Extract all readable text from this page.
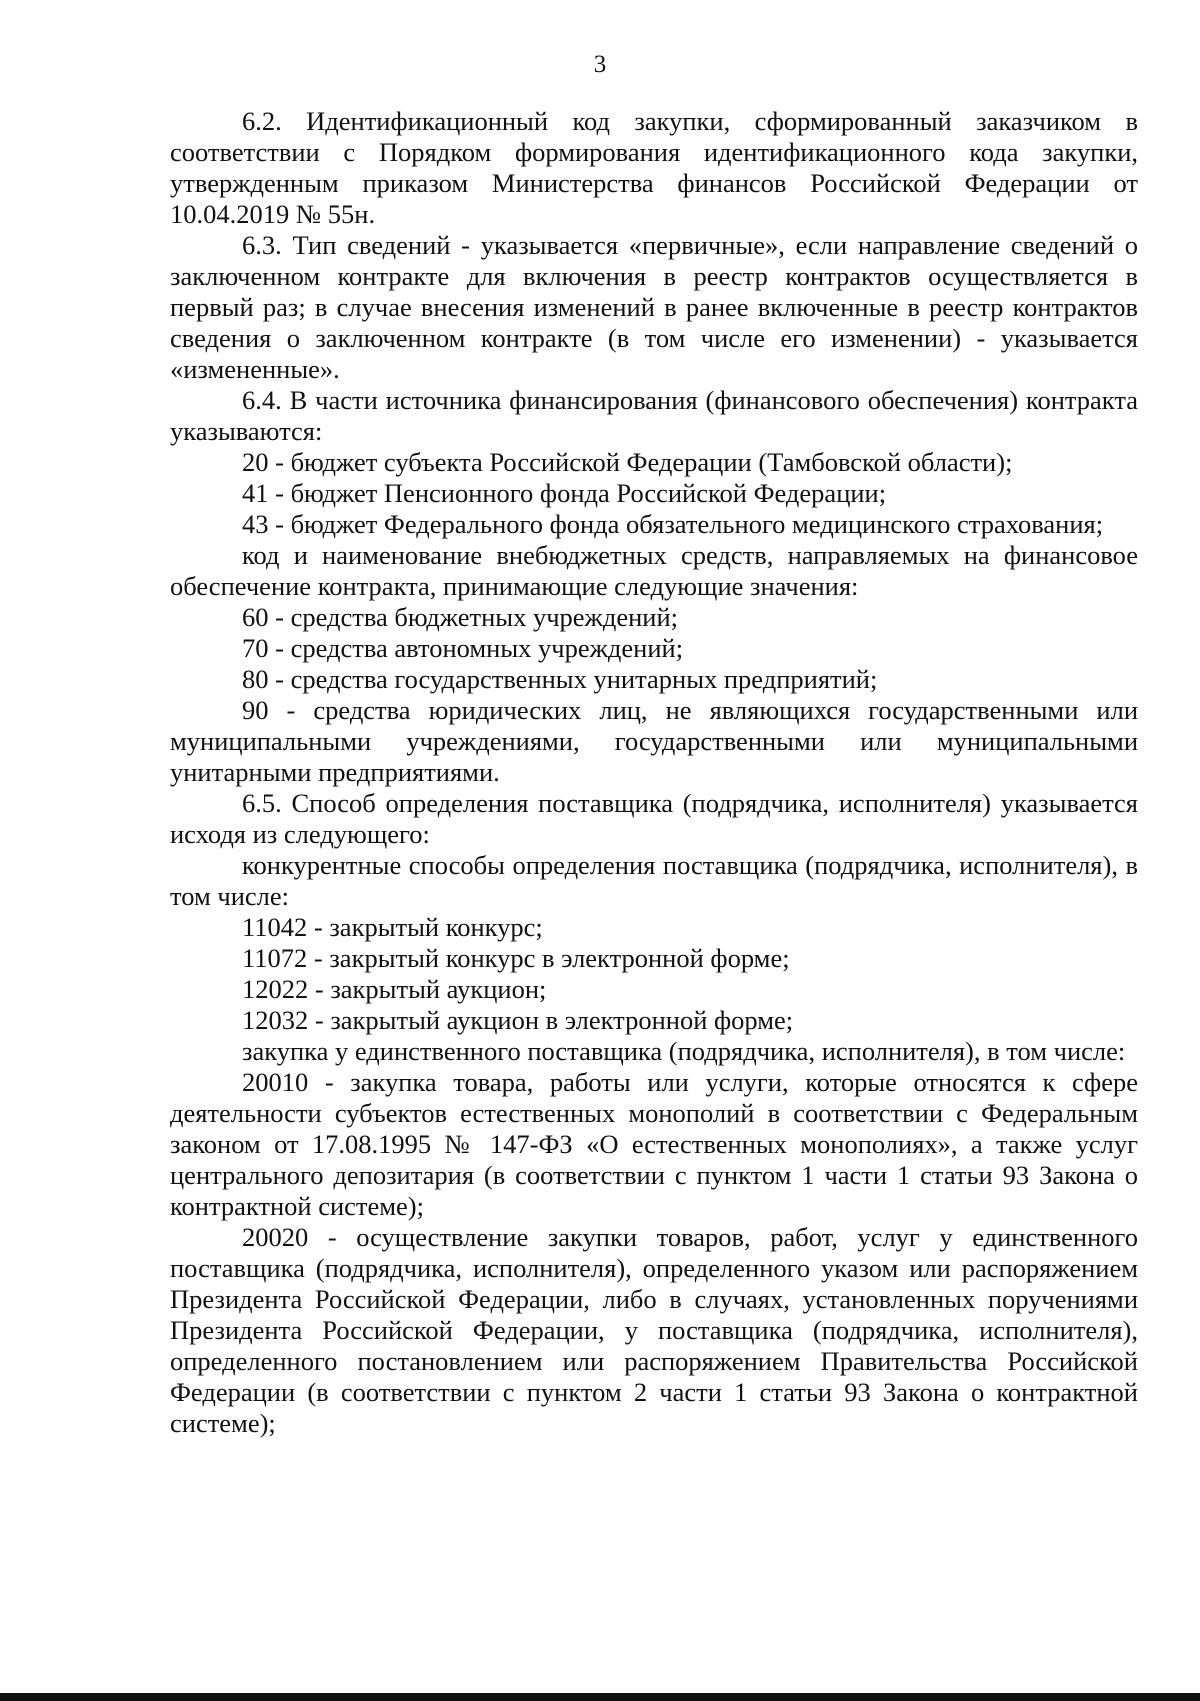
3

6.2. Идентификационный код закупки, сформированный заказчиком в соответствии с Порядком формирования идентификационного кода закупки, утвержденным приказом Министерства финансов Российской Федерации от 10.04.2019 № 55н.

6.3. Тип сведений - указывается «первичные», если направление сведений о заключенном контракте для включения в реестр контрактов осуществляется в первый раз; в случае внесения изменений в ранее включенные в реестр контрактов сведения о заключенном контракте (в том числе его изменении) - указывается «измененные».

6.4. В части источника финансирования (финансового обеспечения) контракта указываются:

20 - бюджет субъекта Российской Федерации (Тамбовской области);

41 - бюджет Пенсионного фонда Российской Федерации;

43 - бюджет Федерального фонда обязательного медицинского страхования;

код и наименование внебюджетных средств, направляемых на финансовое обеспечение контракта, принимающие следующие значения:

60 - средства бюджетных учреждений;

70 - средства автономных учреждений;

80 - средства государственных унитарных предприятий;

90 - средства юридических лиц, не являющихся государственными или муниципальными учреждениями, государственными или муниципальными унитарными предприятиями.

6.5. Способ определения поставщика (подрядчика, исполнителя) указывается исходя из следующего:

конкурентные способы определения поставщика (подрядчика, исполнителя), в том числе:

11042 - закрытый конкурс;

11072 - закрытый конкурс в электронной форме;

12022 - закрытый аукцион;

12032 - закрытый аукцион в электронной форме;

закупка у единственного поставщика (подрядчика, исполнителя), в том числе:

20010 - закупка товара, работы или услуги, которые относятся к сфере деятельности субъектов естественных монополий в соответствии с Федеральным законом от 17.08.1995 № 147-ФЗ «О естественных монополиях», а также услуг центрального депозитария (в соответствии с пунктом 1 части 1 статьи 93 Закона о контрактной системе);

20020 - осуществление закупки товаров, работ, услуг у единственного поставщика (подрядчика, исполнителя), определенного указом или распоряжением Президента Российской Федерации, либо в случаях, установленных поручениями Президента Российской Федерации, у поставщика (подрядчика, исполнителя), определенного постановлением или распоряжением Правительства Российской Федерации (в соответствии с пунктом 2 части 1 статьи 93 Закона о контрактной системе);
